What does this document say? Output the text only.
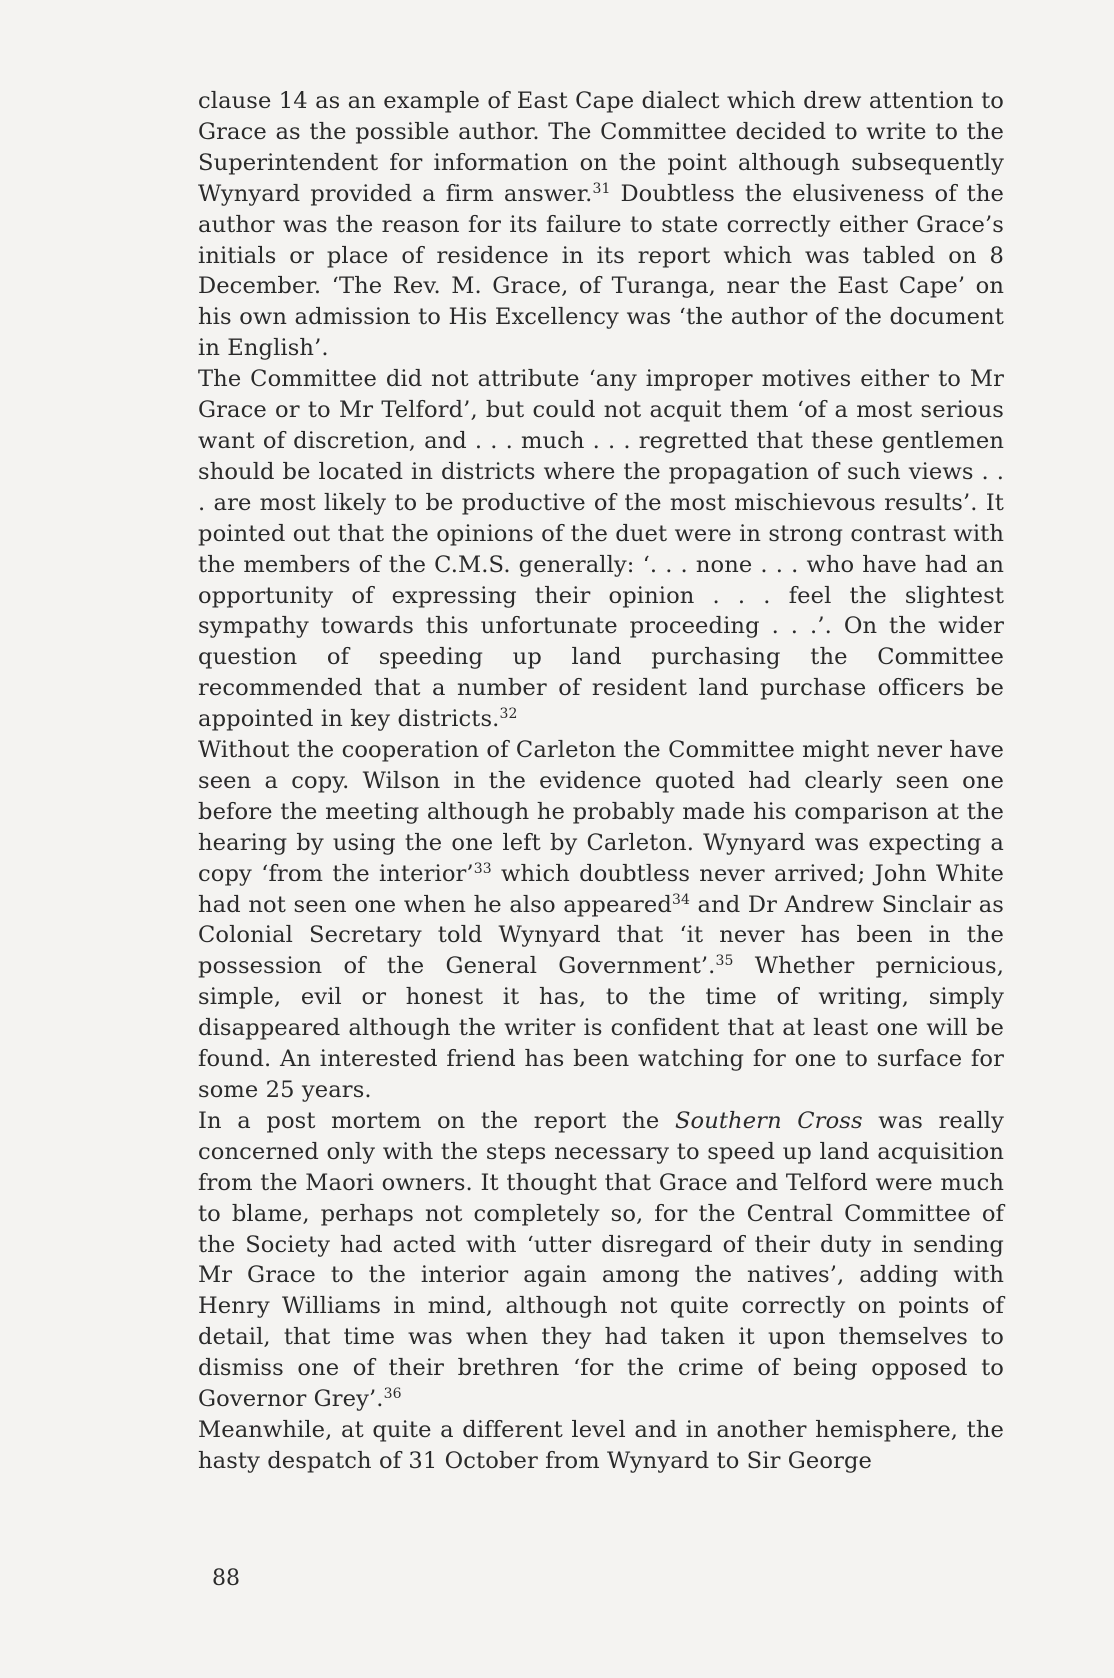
clause 14 as an example of East Cape dialect which drew attention to Grace as the possible author. The Committee decided to write to the Superintendent for information on the point although subsequently Wynyard provided a firm answer.$^{31}$ Doubtless the elusiveness of the author was the reason for its failure to state correctly either Grace’s initials or place of residence in its report which was tabled on 8 December. ‘The Rev. M. Grace, of Turanga, near the East Cape’ on his own admission to His Excellency was ‘the author of the document in English’.

The Committee did not attribute ‘any improper motives either to Mr Grace or to Mr Telford’, but could not acquit them ‘of a most serious want of discretion, and . . . much . . . regretted that these gentlemen should be located in districts where the propagation of such views . . . are most likely to be productive of the most mischievous results’. It pointed out that the opinions of the duet were in strong contrast with the members of the C.M.S. generally: ‘. . . none . . . who have had an opportunity of expressing their opinion . . . feel the slightest sympathy towards this unfortunate proceeding . . .’. On the wider question of speeding up land purchasing the Committee recommended that a number of resident land purchase officers be appointed in key districts.$^{32}$

Without the cooperation of Carleton the Committee might never have seen a copy. Wilson in the evidence quoted had clearly seen one before the meeting although he probably made his comparison at the hearing by using the one left by Carleton. Wynyard was expecting a copy ‘from the interior’$^{33}$ which doubtless never arrived; John White had not seen one when he also appeared$^{34}$ and Dr Andrew Sinclair as Colonial Secretary told Wynyard that ‘it never has been in the possession of the General Government’.$^{35}$ Whether pernicious, simple, evil or honest it has, to the time of writing, simply disappeared although the writer is confident that at least one will be found. An interested friend has been watching for one to surface for some 25 years.

In a post mortem on the report the Southern Cross was really concerned only with the steps necessary to speed up land acquisition from the Maori owners. It thought that Grace and Telford were much to blame, perhaps not completely so, for the Central Committee of the Society had acted with ‘utter disregard of their duty in sending Mr Grace to the interior again among the natives’, adding with Henry Williams in mind, although not quite correctly on points of detail, that time was when they had taken it upon themselves to dismiss one of their brethren ‘for the crime of being opposed to Governor Grey’.$^{36}$

Meanwhile, at quite a different level and in another hemisphere, the hasty despatch of 31 October from Wynyard to Sir George

88
